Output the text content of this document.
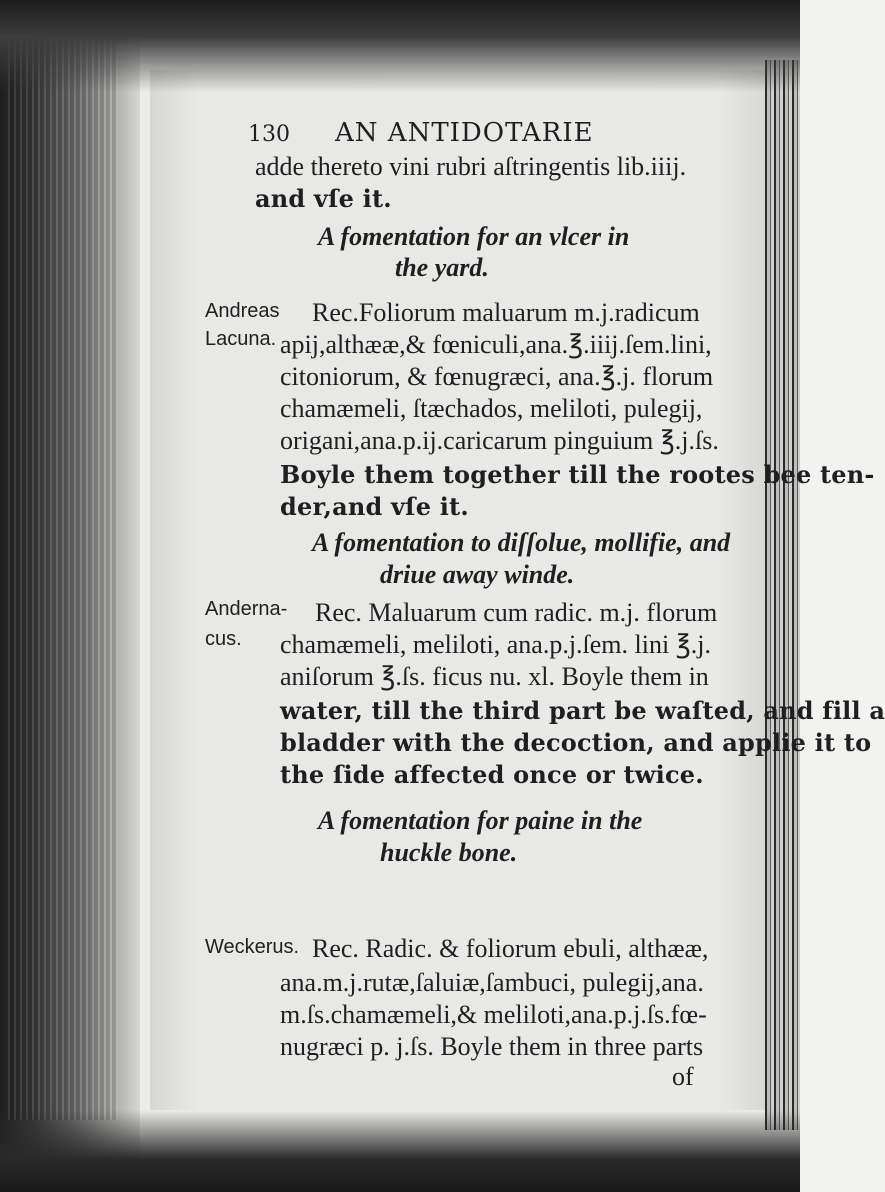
130 AN ANTIDOTARIE
Andreas
Lacuna.
Anderna-
cus.
Weckerus.
adde thereto vini rubri aſtringentis lib.iiij.
and vſe it.
A fomentation for an vlcer in
the yard.
Rec.Foliorum maluarum m.j.radicum
apij,althææ,& fœniculi,ana.℥.iiij.ſem.lini,
citoniorum, & fœnugræci, ana.℥.j. florum
chamæmeli, ſtæchados, meliloti, pulegij,
origani,ana.p.ij.caricarum pinguium ℥.j.ſs.
Boyle them together till the rootes bee ten-
der,and vſe it.
A fomentation to diſſolue, mollifie, and
driue away winde.
Rec. Maluarum cum radic. m.j. florum
chamæmeli, meliloti, ana.p.j.ſem. lini ℥.j.
aniſorum ℥.ſs. ficus nu. xl. Boyle them in
water, till the third part be waſted, and fill a
bladder with the decoction, and applie it to
the ſide affected once or twice.
A fomentation for paine in the
huckle bone.
Rec. Radic. & foliorum ebuli, althææ,
ana.m.j.rutæ,ſaluiæ,ſambuci, pulegij,ana.
m.ſs.chamæmeli,& meliloti,ana.p.j.ſs.fœ-
nugræci p. j.ſs. Boyle them in three parts
of
